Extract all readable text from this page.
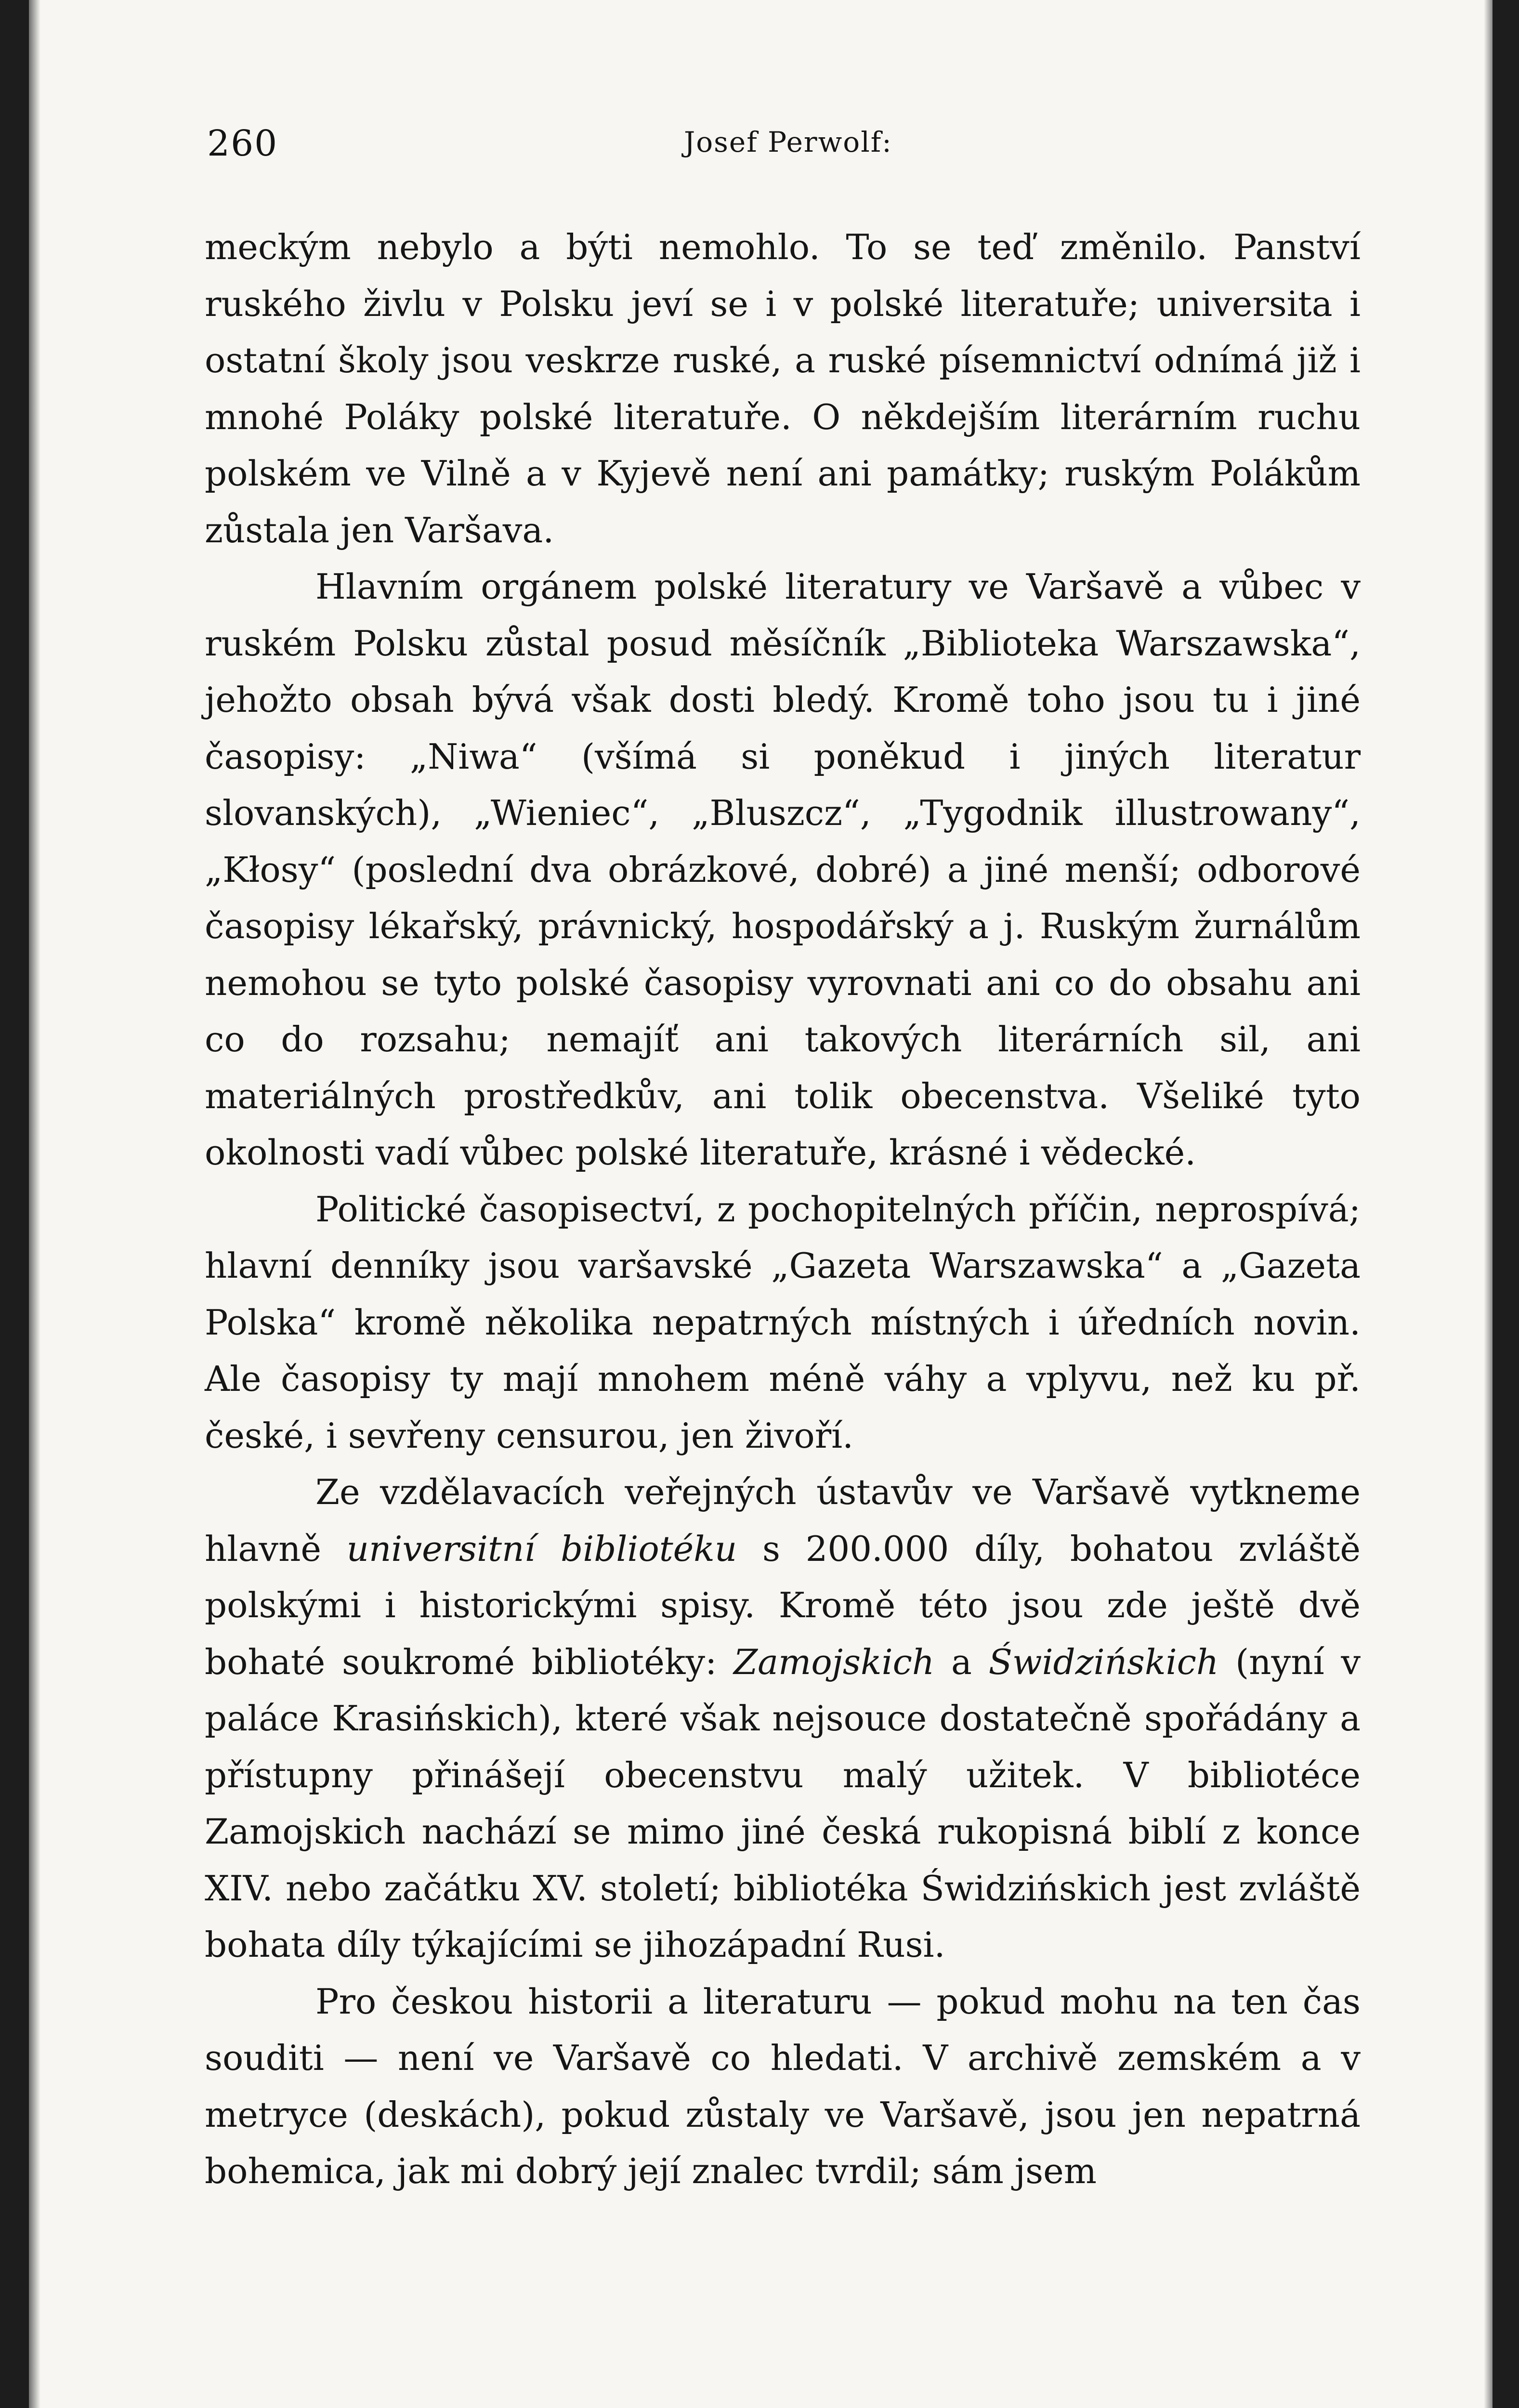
260	Josef Perwolf:

meckým nebylo a býti nemohlo. To se teď změnilo. Panství ruského živlu v Polsku jeví se i v polské literatuře; universita i ostatní školy jsou veskrze ruské, a ruské písemnictví odnímá již i mnohé Poláky polské literatuře. O někdejším literárním ruchu polském ve Vilně a v Kyjevě není ani památky; ruským Polákům zůstala jen Varšava.

Hlavním orgánem polské literatury ve Varšavě a vůbec v ruském Polsku zůstal posud měsíčník „Biblioteka Warszawska“, jehožto obsah bývá však dosti bledý. Kromě toho jsou tu i jiné časopisy: „Niwa“ (všímá si poněkud i jiných literatur slovanských), „Wieniec“, „Bluszcz“, „Tygodnik illustrowany“, „Kłosy“ (poslední dva obrázkové, dobré) a jiné menší; odborové časopisy lékařský, právnický, hospodářský a j. Ruským žurnálům nemohou se tyto polské časopisy vyrovnati ani co do obsahu ani co do rozsahu; nemajíť ani takových literárních sil, ani materiálných prostředkův, ani tolik obecenstva. Všeliké tyto okolnosti vadí vůbec polské literatuře, krásné i vědecké.

Politické časopisectví, z pochopitelných příčin, neprospívá; hlavní denníky jsou varšavské „Gazeta Warszawska“ a „Gazeta Polska“ kromě několika nepatrných místných i úředních novin. Ale časopisy ty mají mnohem méně váhy a vplyvu, než ku př. české, i sevřeny censurou, jen živoří.

Ze vzdělavacích veřejných ústavův ve Varšavě vytkneme hlavně universitní bibliotéku s 200.000 díly, bohatou zvláště polskými i historickými spisy. Kromě této jsou zde ještě dvě bohaté soukromé bibliotéky: Zamojskich a Świdzińskich (nyní v paláce Krasińskich), které však nejsouce dostatečně spořádány a přístupny přinášejí obecenstvu malý užitek. V bibliotéce Zamojskich nachází se mimo jiné česká rukopisná biblí z konce XIV. nebo začátku XV. století; bibliotéka Świdzińskich jest zvláště bohata díly týkajícími se jihozápadní Rusi.

Pro českou historii a literaturu — pokud mohu na ten čas souditi — není ve Varšavě co hledati. V archivě zemském a v metryce (deskách), pokud zůstaly ve Varšavě, jsou jen nepatrná bohemica, jak mi dobrý její znalec tvrdil; sám jsem
